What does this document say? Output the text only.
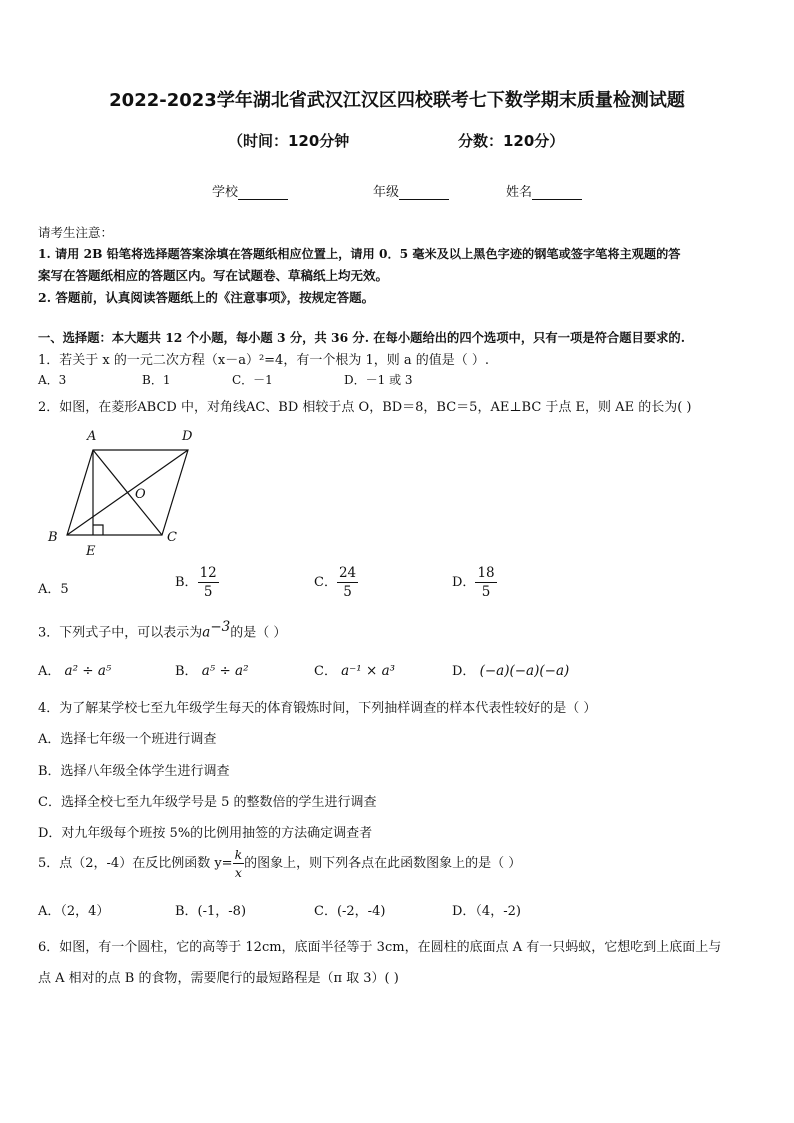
2022-2023学年湖北省武汉江汉区四校联考七下数学期末质量检测试题
（时间：120分钟	分数：120分）
学校	年级	姓名
请考生注意：
1. 请用 2B 铅笔将选择题答案涂填在答题纸相应位置上，请用 0．5 毫米及以上黑色字迹的钢笔或签字笔将主观题的答
案写在答题纸相应的答题区内。写在试题卷、草稿纸上均无效。
2. 答题前，认真阅读答题纸上的《注意事项》，按规定答题。
一、选择题：本大题共 12 个小题，每小题 3 分，共 36 分. 在每小题给出的四个选项中，只有一项是符合题目要求的.
1．若关于 x 的一元二次方程（x－a）²=4，有一个根为 1，则 a 的值是（ ）.
A．3	B．1	C．－1	D．－1 或 3
2．如图，在菱形ABCD 中，对角线AC、BD 相较于点 O，BD＝8，BC＝5，AE⊥BC 于点 E，则 AE 的长为( )
A	D
O
B	C
E
A．5	B． $\frac{12}{5}$	C． $\frac{24}{5}$	D． $\frac{18}{5}$
3．下列式子中，可以表示为$a^{-3}$的是（ ）
A． a² ÷ a⁵	B． a⁵ ÷ a²	C． a⁻¹ × a³	D． (−a)(−a)(−a)
4．为了解某学校七至九年级学生每天的体育锻炼时间，下列抽样调查的样本代表性较好的是（ ）
A．选择七年级一个班进行调查
B．选择八年级全体学生进行调查
C．选择全校七至九年级学号是 5 的整数倍的学生进行调查
D．对九年级每个班按 5%的比例用抽签的方法确定调查者
5．点（2，-4）在反比例函数 $y= \frac{k}{x}$ 的图象上，则下列各点在此函数图象上的是（ ）
A．（2，4）	B．(-1，-8)	C．(-2，-4)	D．（4，-2)
6．如图，有一个圆柱，它的高等于 12cm，底面半径等于 3cm，在圆柱的底面点 A 有一只蚂蚁，它想吃到上底面上与
点 A 相对的点 B 的食物，需要爬行的最短路程是（π 取 3）( )
